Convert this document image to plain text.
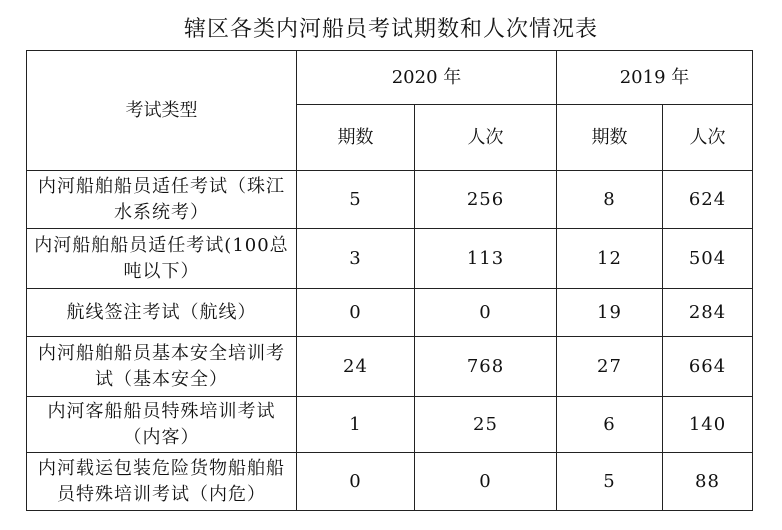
辖区各类内河船员考试期数和人次情况表
考试类型	2020 年		2019 年	
	期数	人次	期数	人次
内河船舶船员适任考试（珠江水系统考）	5	256	8	624
内河船舶船员适任考试(100总吨以下）	3	113	12	504
航线签注考试（航线）	0	0	19	284
内河船舶船员基本安全培训考试（基本安全）	24	768	27	664
内河客船船员特殊培训考试（内客）	1	25	6	140
内河载运包装危险货物船舶船员特殊培训考试（内危）	0	0	5	88
